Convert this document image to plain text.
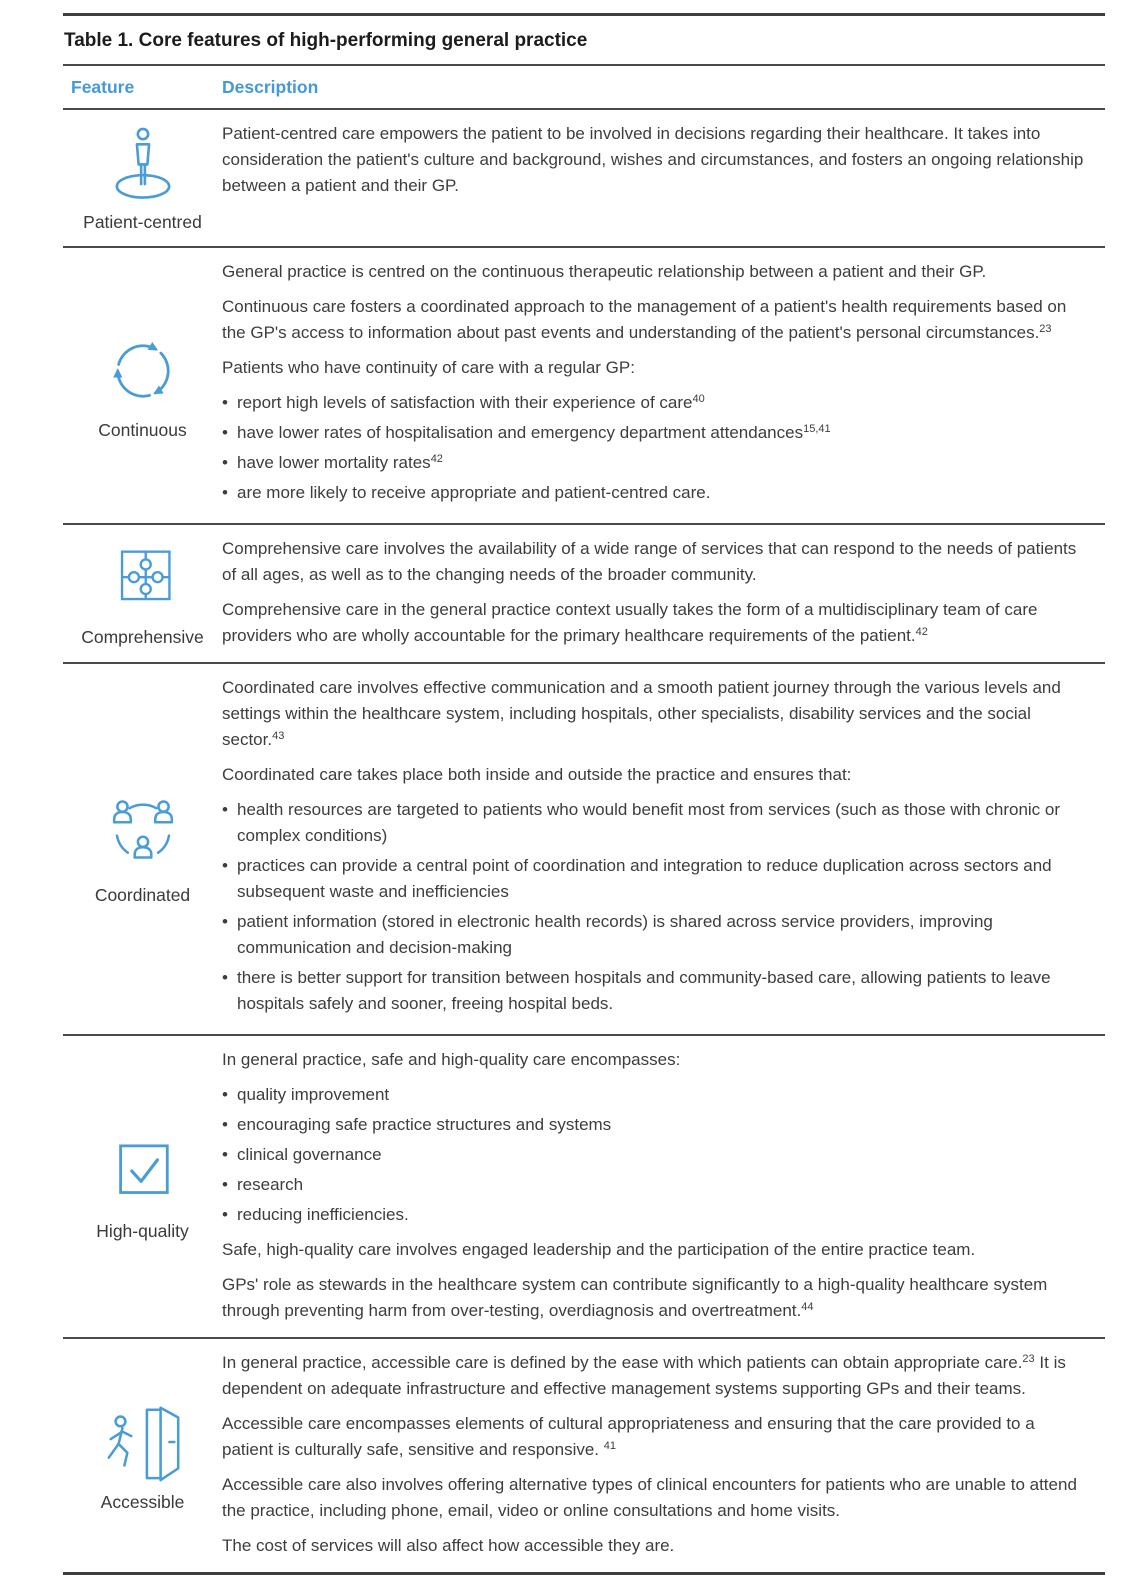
Table 1. Core features of high-performing general practice
Feature	Description
Patient-centred

Patient-centred care empowers the patient to be involved in decisions regarding their healthcare. It takes into consideration the patient's culture and background, wishes and circumstances, and fosters an ongoing relationship between a patient and their GP.

Continuous

General practice is centred on the continuous therapeutic relationship between a patient and their GP.

Continuous care fosters a coordinated approach to the management of a patient's health requirements based on the GP's access to information about past events and understanding of the patient's personal circumstances.$^{23}$

Patients who have continuity of care with a regular GP:

• report high levels of satisfaction with their experience of care$^{40}$
• have lower rates of hospitalisation and emergency department attendances$^{15,41}$
• have lower mortality rates$^{42}$
• are more likely to receive appropriate and patient-centred care.
Comprehensive

Comprehensive care involves the availability of a wide range of services that can respond to the needs of patients of all ages, as well as to the changing needs of the broader community.

Comprehensive care in the general practice context usually takes the form of a multidisciplinary team of care providers who are wholly accountable for the primary healthcare requirements of the patient.$^{42}$

Coordinated

Coordinated care involves effective communication and a smooth patient journey through the various levels and settings within the healthcare system, including hospitals, other specialists, disability services and the social sector.$^{43}$

Coordinated care takes place both inside and outside the practice and ensures that:

• health resources are targeted to patients who would benefit most from services (such as those with chronic or complex conditions)
• practices can provide a central point of coordination and integration to reduce duplication across sectors and subsequent waste and inefficiencies
• patient information (stored in electronic health records) is shared across service providers, improving communication and decision-making
• there is better support for transition between hospitals and community-based care, allowing patients to leave hospitals safely and sooner, freeing hospital beds.
High-quality

In general practice, safe and high-quality care encompasses:

• quality improvement
• encouraging safe practice structures and systems
• clinical governance
• research
• reducing inefficiencies.

Safe, high-quality care involves engaged leadership and the participation of the entire practice team.

GPs' role as stewards in the healthcare system can contribute significantly to a high-quality healthcare system through preventing harm from over-testing, overdiagnosis and overtreatment.$^{44}$

Accessible

In general practice, accessible care is defined by the ease with which patients can obtain appropriate care.$^{23}$ It is dependent on adequate infrastructure and effective management systems supporting GPs and their teams.

Accessible care encompasses elements of cultural appropriateness and ensuring that the care provided to a patient is culturally safe, sensitive and responsive. $^{41}$

Accessible care also involves offering alternative types of clinical encounters for patients who are unable to attend the practice, including phone, email, video or online consultations and home visits.

The cost of services will also affect how accessible they are.
